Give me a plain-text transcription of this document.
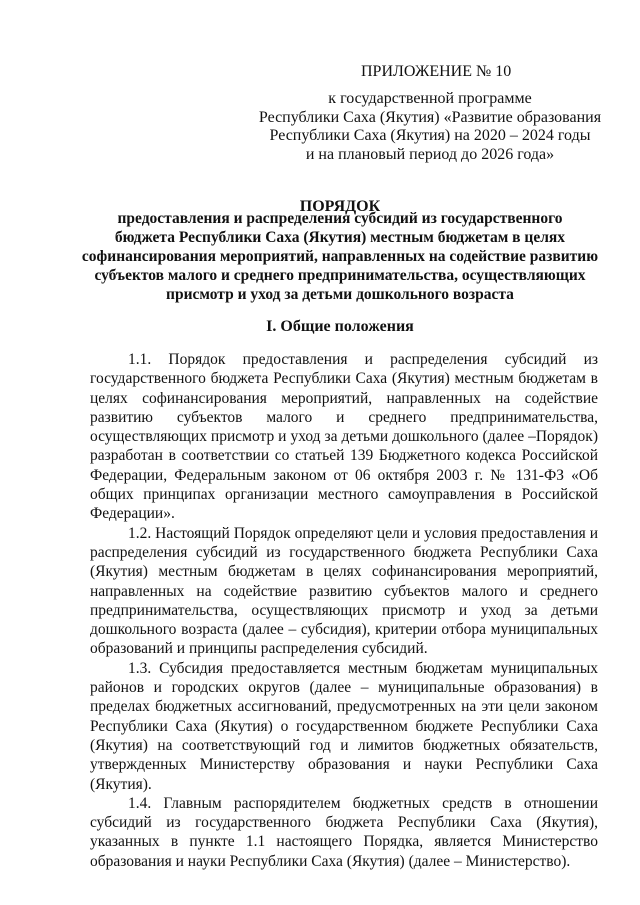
ПРИЛОЖЕНИЕ № 10
к государственной программе
Республики Саха (Якутия) «Развитие образования
Республики Саха (Якутия) на 2020 – 2024 годы
и на плановый период до 2026 года»
ПОРЯДОК
предоставления и распределения субсидий из государственного
бюджета Республики Саха (Якутия) местным бюджетам в целях
софинансирования мероприятий, направленных на содействие развитию
субъектов малого и среднего предпринимательства, осуществляющих
присмотр и уход за детьми дошкольного возраста
I. Общие положения

1.1. Порядок предоставления и распределения субсидий из государственного бюджета Республики Саха (Якутия) местным бюджетам в целях софинансирования мероприятий, направленных на содействие развитию субъектов малого и среднего предпринимательства, осуществляющих присмотр и уход за детьми дошкольного (далее –Порядок) разработан в соответствии со статьей 139 Бюджетного кодекса Российской Федерации, Федеральным законом от 06 октября 2003 г. № 131-ФЗ «Об общих принципах организации местного самоуправления в Российской Федерации».

1.2. Настоящий Порядок определяют цели и условия предоставления и распределения субсидий из государственного бюджета Республики Саха (Якутия) местным бюджетам в целях софинансирования мероприятий, направленных на содействие развитию субъектов малого и среднего предпринимательства, осуществляющих присмотр и уход за детьми дошкольного возраста (далее – субсидия), критерии отбора муниципальных образований и принципы распределения субсидий.

1.3. Субсидия предоставляется местным бюджетам муниципальных районов и городских округов (далее – муниципальные образования) в пределах бюджетных ассигнований, предусмотренных на эти цели законом Республики Саха (Якутия) о государственном бюджете Республики Саха (Якутия) на соответствующий год и лимитов бюджетных обязательств, утвержденных Министерству образования и науки Республики Саха (Якутия).

1.4. Главным распорядителем бюджетных средств в отношении субсидий из государственного бюджета Республики Саха (Якутия), указанных в пункте 1.1 настоящего Порядка, является Министерство образования и науки Республики Саха (Якутия) (далее – Министерство).
